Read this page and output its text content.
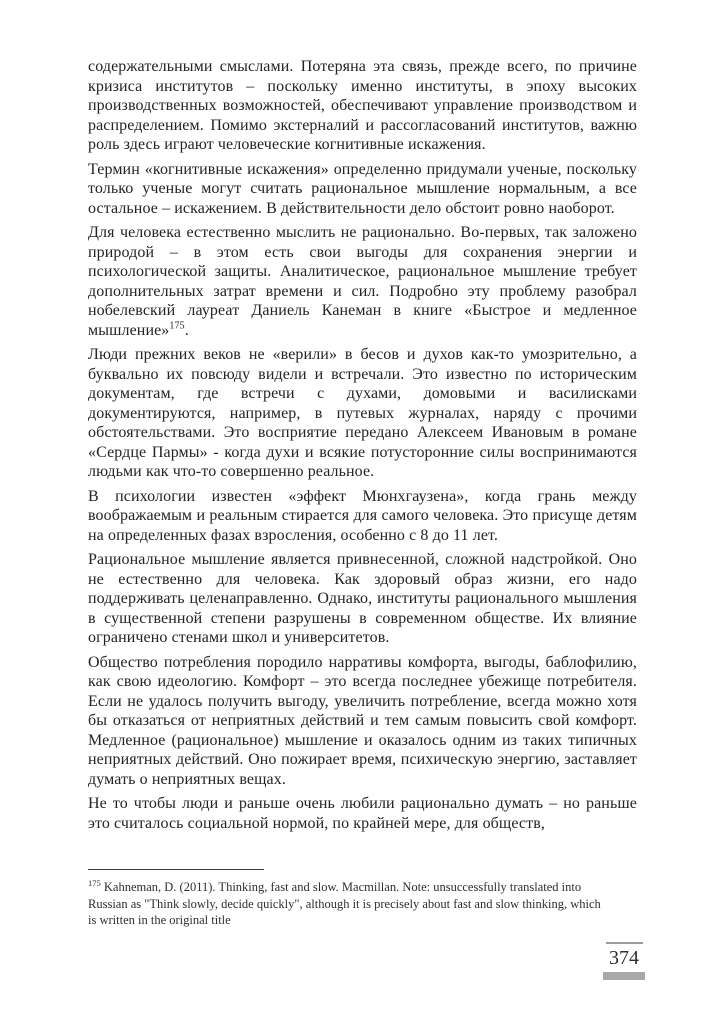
содержательными смыслами. Потеряна эта связь, прежде всего, по причине кризиса институтов – поскольку именно институты, в эпоху высоких производственных возможностей, обеспечивают управление производством и распределением. Помимо экстерналий и рассогласований институтов, важню роль здесь играют человеческие когнитивные искажения.

Термин «когнитивные искажения» определенно придумали ученые, поскольку только ученые могут считать рациональное мышление нормальным, а все остальное – искажением. В действительности дело обстоит ровно наоборот.

Для человека естественно мыслить не рационально. Во-первых, так заложено природой – в этом есть свои выгоды для сохранения энергии и психологической защиты. Аналитическое, рациональное мышление требует дополнительных затрат времени и сил. Подробно эту проблему разобрал нобелевский лауреат Даниель Канеман в книге «Быстрое и медленное мышление»$^{175}$.

Люди прежних веков не «верили» в бесов и духов как-то умозрительно, а буквально их повсюду видели и встречали. Это известно по историческим документам, где встречи с духами, домовыми и василисками документируются, например, в путевых журналах, наряду с прочими обстоятельствами. Это восприятие передано Алексеем Ивановым в романе «Сердце Пармы» - когда духи и всякие потусторонние силы воспринимаются людьми как что-то совершенно реальное.

В психологии известен «эффект Мюнхгаузена», когда грань между воображаемым и реальным стирается для самого человека. Это присуще детям на определенных фазах взросления, особенно с 8 до 11 лет.

Рациональное мышление является привнесенной, сложной надстройкой. Оно не естественно для человека. Как здоровый образ жизни, его надо поддерживать целенаправленно. Однако, институты рационального мышления в существенной степени разрушены в современном обществе. Их влияние ограничено стенами школ и университетов.

Общество потребления породило нарративы комфорта, выгоды, баблофилию, как свою идеологию. Комфорт – это всегда последнее убежище потребителя. Если не удалось получить выгоду, увеличить потребление, всегда можно хотя бы отказаться от неприятных действий и тем самым повысить свой комфорт. Медленное (рациональное) мышление и оказалось одним из таких типичных неприятных действий. Оно пожирает время, психическую энергию, заставляет думать о неприятных вещах.

Не то чтобы люди и раньше очень любили рационально думать – но раньше это считалось социальной нормой, по крайней мере, для обществ,

$^{175}$ Kahneman, D. (2011). Thinking, fast and slow. Macmillan. Note: unsuccessfully translated into Russian as "Think slowly, decide quickly", although it is precisely about fast and slow thinking, which is written in the original title

374
